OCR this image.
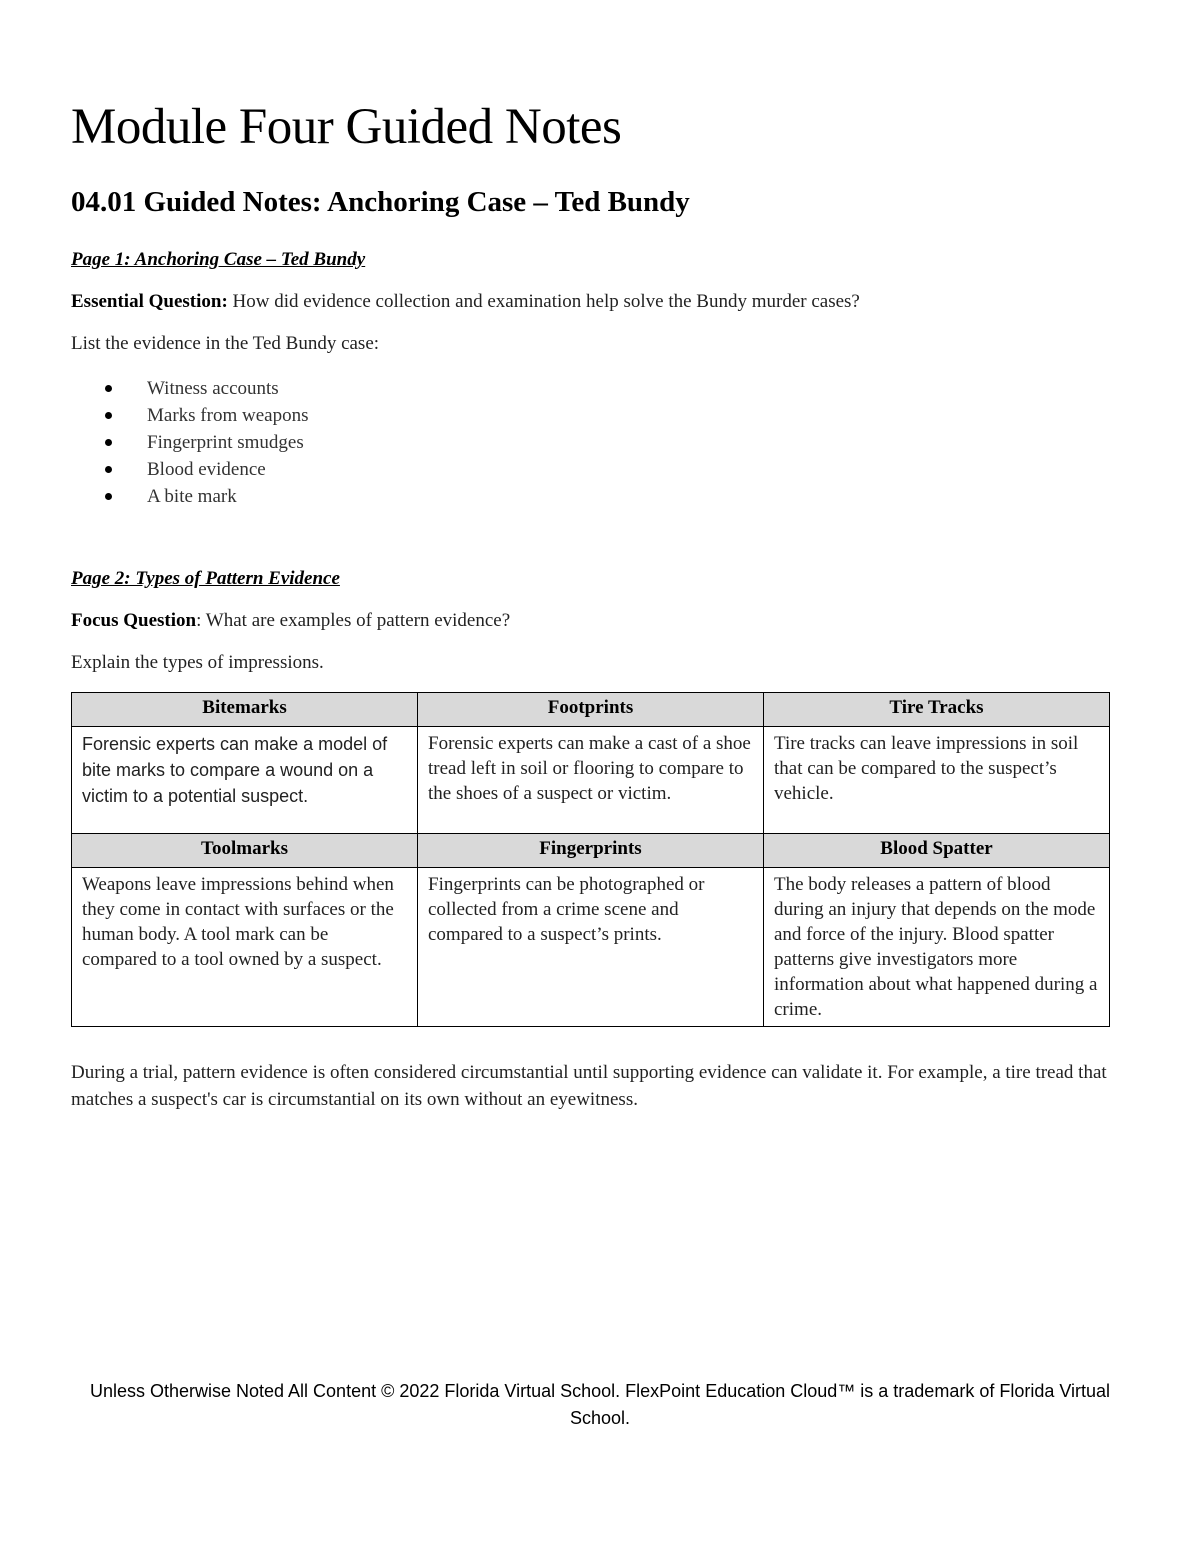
Module Four Guided Notes
04.01 Guided Notes: Anchoring Case – Ted Bundy

Page 1: Anchoring Case – Ted Bundy

Essential Question: How did evidence collection and examination help solve the Bundy murder cases?

List the evidence in the Ted Bundy case:

Witness accounts
Marks from weapons
Fingerprint smudges
Blood evidence
A bite mark

Page 2: Types of Pattern Evidence

Focus Question: What are examples of pattern evidence?

Explain the types of impressions.

Bitemarks	Footprints	Tire Tracks
Forensic experts can make a model of bite marks to compare a wound on a victim to a potential suspect.	Forensic experts can make a cast of a shoe tread left in soil or flooring to compare to the shoes of a suspect or victim.	Tire tracks can leave impressions in soil that can be compared to the suspect’s vehicle.
Toolmarks	Fingerprints	Blood Spatter
Weapons leave impressions behind when they come in contact with surfaces or the human body. A tool mark can be compared to a tool owned by a suspect.	Fingerprints can be photographed or collected from a crime scene and compared to a suspect’s prints.	The body releases a pattern of blood during an injury that depends on the mode and force of the injury. Blood spatter patterns give investigators more information about what happened during a crime.

During a trial, pattern evidence is often considered circumstantial until supporting evidence can validate it. For example, a tire tread that matches a suspect's car is circumstantial on its own without an eyewitness.

Unless Otherwise Noted All Content © 2022 Florida Virtual School. FlexPoint Education Cloud™ is a trademark of Florida Virtual School.
